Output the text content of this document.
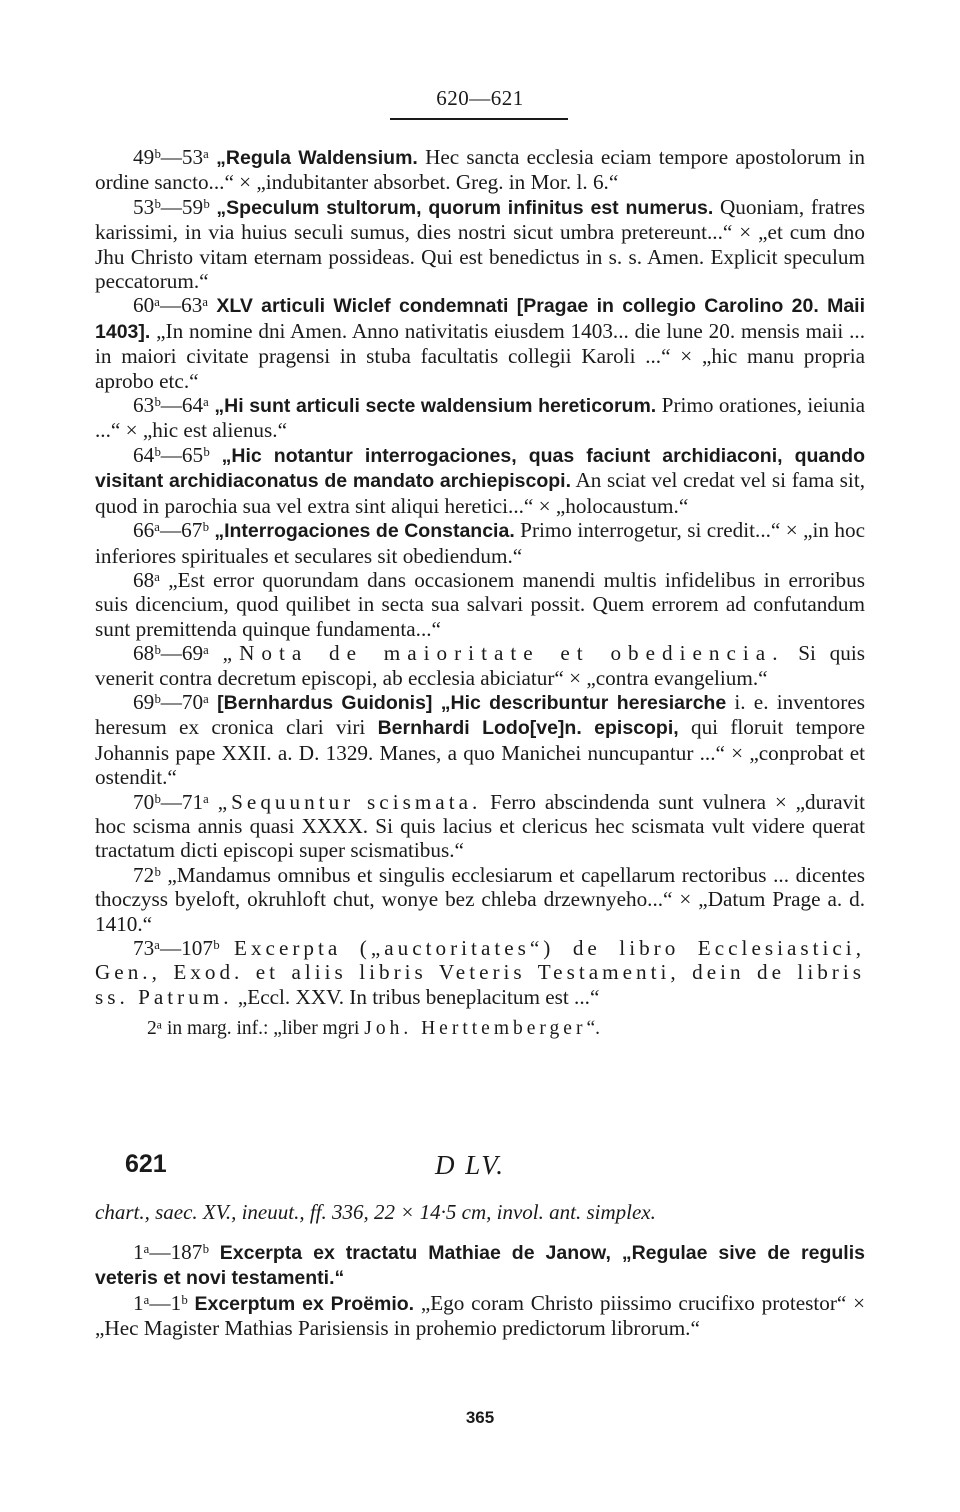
620—621

49ᵇ—53ᵃ „Regula Waldensium. Hec sancta ecclesia eciam tempore apostolorum in ordine sancto...“ × „indubitanter absorbet. Greg. in Mor. l. 6.“

53ᵇ—59ᵇ „Speculum stultorum, quorum infinitus est numerus. Quoniam, fratres karissimi, in via huius seculi sumus, dies nostri sicut umbra pretereunt...“ × „et cum dno Jhu Christo vitam eternam possideas. Qui est benedictus in s. s. Amen. Explicit speculum peccatorum.“

60ᵃ—63ᵃ XLV articuli Wiclef condemnati [Pragae in collegio Carolino 20. Maii 1403]. „In nomine dni Amen. Anno nativitatis eiusdem 1403... die lune 20. mensis maii ... in maiori civitate pragensi in stuba facultatis collegii Karoli ...“ × „hic manu propria aprobo etc.“

63ᵇ—64ᵃ „Hi sunt articuli secte waldensium hereticorum. Primo orationes, ieiunia ...“ × „hic est alienus.“

64ᵇ—65ᵇ „Hic notantur interrogaciones, quas faciunt archidiaconi, quando visitant archidiaconatus de mandato archiepiscopi. An sciat vel credat vel si fama sit, quod in parochia sua vel extra sint aliqui heretici...“ × „holocaustum.“

66ᵃ—67ᵇ „Interrogaciones de Constancia. Primo interrogetur, si credit...“ × „in hoc inferiores spirituales et seculares sit obediendum.“

68ᵃ „Est error quorundam dans occasionem manendi multis infidelibus in erroribus suis dicencium, quod quilibet in secta sua salvari possit. Quem errorem ad confutandum sunt premittenda quinque fundamenta...“

68ᵇ—69ᵃ „Nota de maioritate et obediencia. Si quis venerit contra decretum episcopi, ab ecclesia abiciatur“ × „contra evangelium.“

69ᵇ—70ᵃ [Bernhardus Guidonis] „Hic describuntur heresiarche i. e. inventores heresum ex cronica clari viri Bernhardi Lodo[ve]n. episcopi, qui floruit tempore Johannis pape XXII. a. D. 1329. Manes, a quo Manichei nuncupantur ...“ × „conprobat et ostendit.“

70ᵇ—71ᵃ „Sequuntur scismata. Ferro abscindenda sunt vulnera × „duravit hoc scisma annis quasi XXXX. Si quis lacius et clericus hec scismata vult videre querat tractatum dicti episcopi super scismatibus.“

72ᵇ „Mandamus omnibus et singulis ecclesiarum et capellarum rectoribus ... dicentes thoczyss byeloft, okruhloft chut, wonye bez chleba drzewnyeho...“ × „Datum Prage a. d. 1410.“

73ᵃ—107ᵇ Excerpta („auctoritates“) de libro Ecclesiastici, Gen., Exod. et aliis libris Veteris Testamenti, dein de libris ss. Patrum. „Eccl. XXV. In tribus beneplacitum est ...“

2ᵃ in marg. inf.: „liber mgri Joh. Herttemberger“.

621	D LV.
chart., saec. XV., ineuut., ff. 336, 22 × 14·5 cm, invol. ant. simplex.

1ᵃ—187ᵇ Excerpta ex tractatu Mathiae de Janow, „Regulae sive de regulis veteris et novi testamenti.“

1ᵃ—1ᵇ Excerptum ex Proëmio. „Ego coram Christo piissimo crucifixo protestor“ × „Hec Magister Mathias Parisiensis in prohemio predictorum librorum.“

365
